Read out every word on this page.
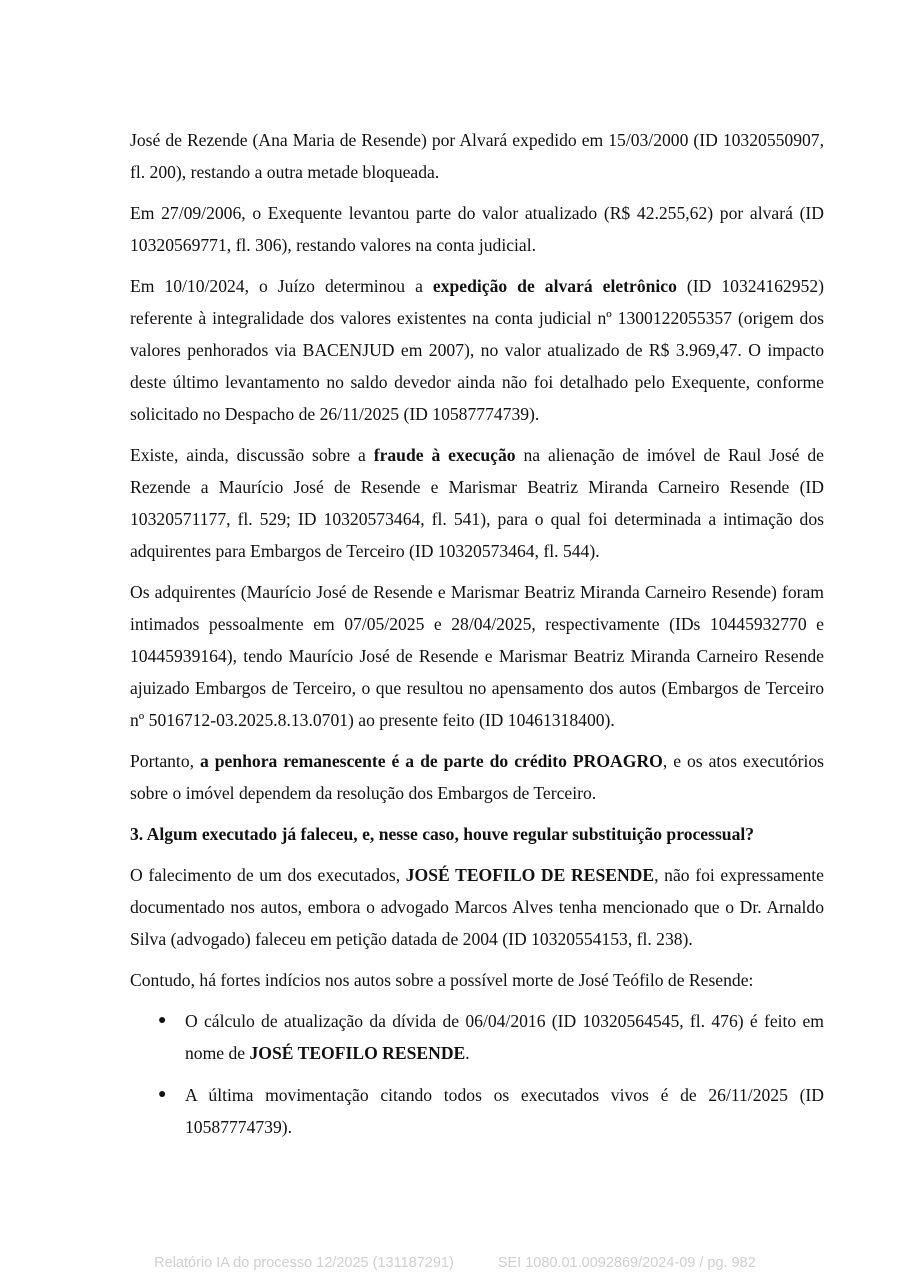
José de Rezende (Ana Maria de Resende) por Alvará expedido em 15/03/2000 (ID 10320550907, fl. 200), restando a outra metade bloqueada.

Em 27/09/2006, o Exequente levantou parte do valor atualizado (R$ 42.255,62) por alvará (ID 10320569771, fl. 306), restando valores na conta judicial.

Em 10/10/2024, o Juízo determinou a expedição de alvará eletrônico (ID 10324162952) referente à integralidade dos valores existentes na conta judicial nº 1300122055357 (origem dos valores penhorados via BACENJUD em 2007), no valor atualizado de R$ 3.969,47. O impacto deste último levantamento no saldo devedor ainda não foi detalhado pelo Exequente, conforme solicitado no Despacho de 26/11/2025 (ID 10587774739).

Existe, ainda, discussão sobre a fraude à execução na alienação de imóvel de Raul José de Rezende a Maurício José de Resende e Marismar Beatriz Miranda Carneiro Resende (ID 10320571177, fl. 529; ID 10320573464, fl. 541), para o qual foi determinada a intimação dos adquirentes para Embargos de Terceiro (ID 10320573464, fl. 544).

Os adquirentes (Maurício José de Resende e Marismar Beatriz Miranda Carneiro Resende) foram intimados pessoalmente em 07/05/2025 e 28/04/2025, respectivamente (IDs 10445932770 e 10445939164), tendo Maurício José de Resende e Marismar Beatriz Miranda Carneiro Resende ajuizado Embargos de Terceiro, o que resultou no apensamento dos autos (Embargos de Terceiro nº 5016712-03.2025.8.13.0701) ao presente feito (ID 10461318400).

Portanto, a penhora remanescente é a de parte do crédito PROAGRO, e os atos executórios sobre o imóvel dependem da resolução dos Embargos de Terceiro.

3. Algum executado já faleceu, e, nesse caso, houve regular substituição processual?

O falecimento de um dos executados, JOSÉ TEOFILO DE RESENDE, não foi expressamente documentado nos autos, embora o advogado Marcos Alves tenha mencionado que o Dr. Arnaldo Silva (advogado) faleceu em petição datada de 2004 (ID 10320554153, fl. 238).

Contudo, há fortes indícios nos autos sobre a possível morte de José Teófilo de Resende:

● O cálculo de atualização da dívida de 06/04/2016 (ID 10320564545, fl. 476) é feito em nome de JOSÉ TEOFILO RESENDE.
● A última movimentação citando todos os executados vivos é de 26/11/2025 (ID 10587774739).
Relatório IA do processo 12/2025 (131187291)	SEI 1080.01.0092869/2024-09 / pg. 982
